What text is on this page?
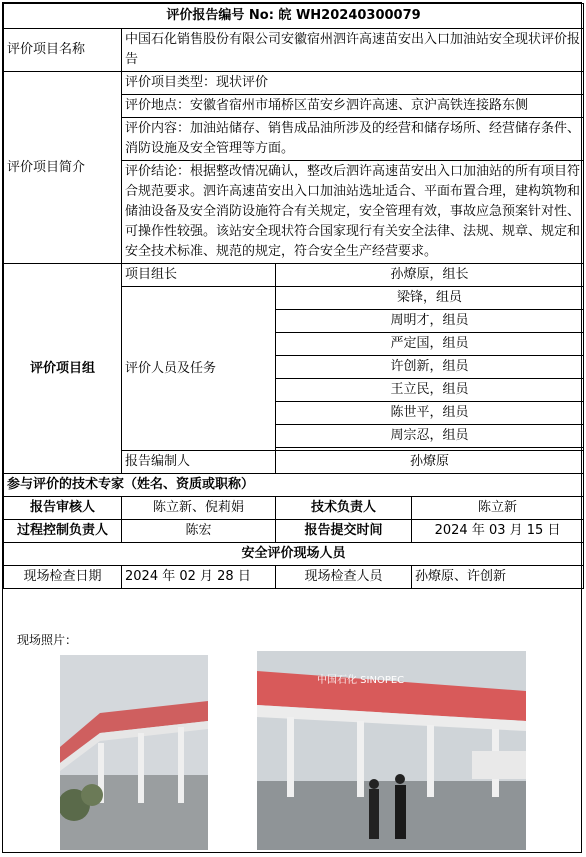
评价报告编号 No: 皖 WH20240300079			
评价项目名称	中国石化销售股份有限公司安徽宿州泗许高速苗安出入口加油站安全现状评价报告		
评价项目简介	评价项目类型：现状评价		
	评价地点：安徽省宿州市埇桥区苗安乡泗许高速、京沪高铁连接路东侧		
	评价内容：加油站储存、销售成品油所涉及的经营和储存场所、经营储存条件、消防设施及安全管理等方面。		
	评价结论：根据整改情况确认，整改后泗许高速苗安出入口加油站的所有项目符合规范要求。泗许高速苗安出入口加油站选址适合、平面布置合理，建构筑物和储油设备及安全消防设施符合有关规定，安全管理有效，事故应急预案针对性、可操作性较强。该站安全现状符合国家现行有关安全法律、法规、规章、规定和安全技术标准、规范的规定，符合安全生产经营要求。		
评价项目组	项目组长	孙燎原，组长	
	评价人员及任务	梁锋，组员	
		周明才，组员	
		严定国，组员	
		许创新，组员	
		王立民，组员	
		陈世平，组员	
		周宗忍，组员	

	报告编制人	孙燎原	
参与评价的技术专家（姓名、资质或职称）			
报告审核人	陈立新、倪莉娟	技术负责人	陈立新
过程控制负责人	陈宏	报告提交时间	2024 年 03 月 15 日
安全评价现场人员			
现场检查日期	2024 年 02 月 28 日	现场检查人员	孙燎原、许创新
现场照片：
中国石化 SINOPEC
